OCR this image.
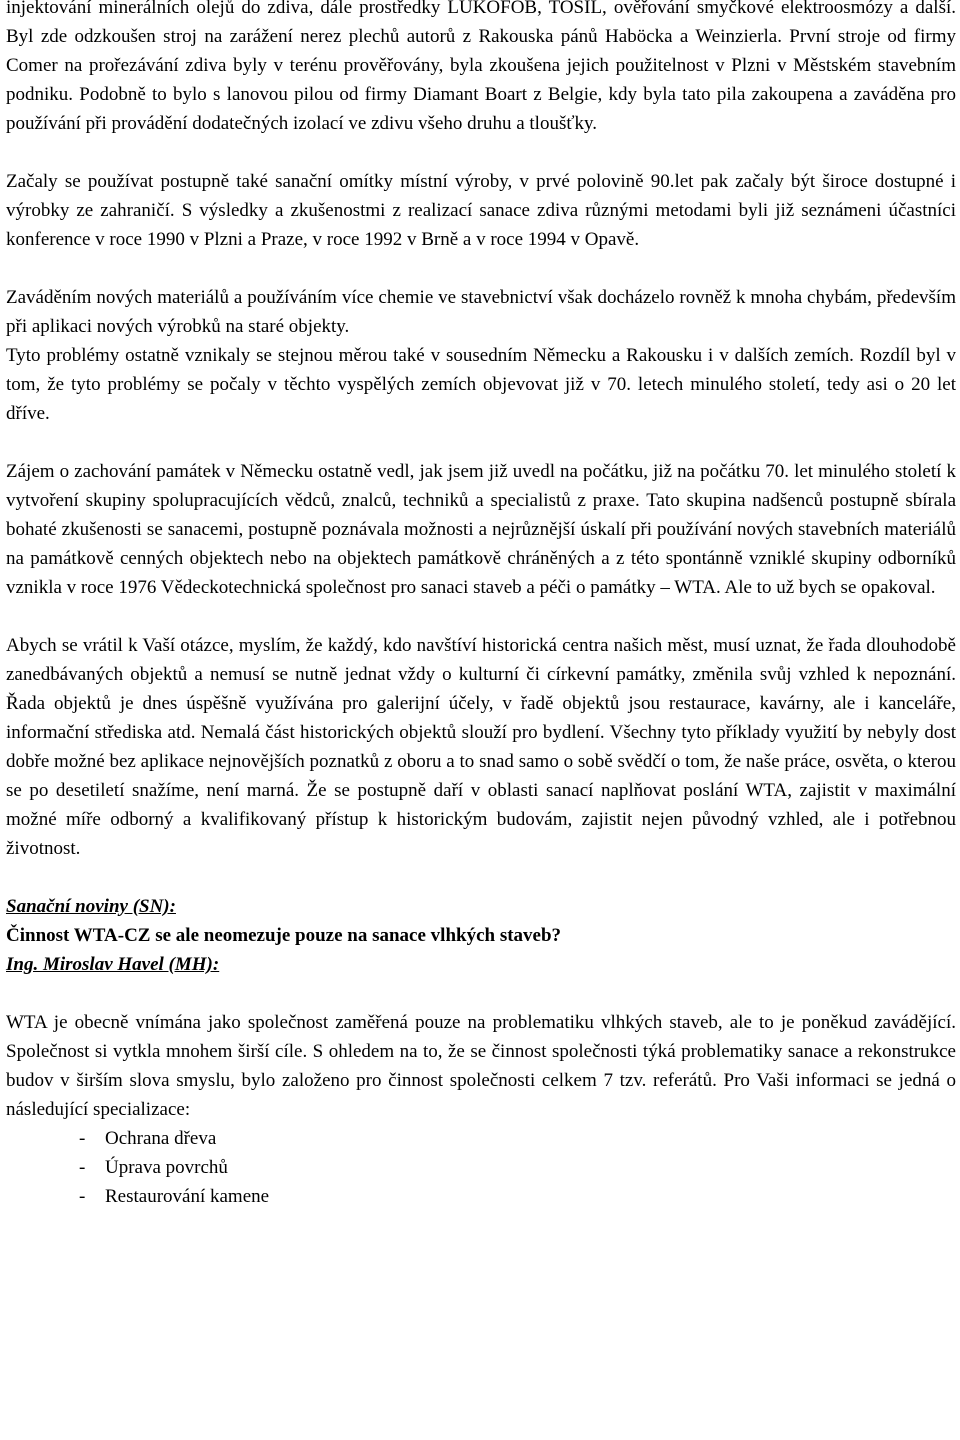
injektování minerálních olejů do zdiva, dále prostředky LUKOFOB, TOSIL, ověřování smyčkové elektroosmózy a další. Byl zde odzkoušen stroj na zarážení nerez plechů autorů z Rakouska pánů Haböcka a Weinzierla. První stroje od firmy Comer na prořezávání zdiva byly v terénu prověřovány, byla zkoušena jejich použitelnost v Plzni v Městském stavebním podniku. Podobně to bylo s lanovou pilou od firmy Diamant Boart z Belgie, kdy byla tato pila zakoupena a zaváděna pro používání při provádění dodatečných izolací ve zdivu všeho druhu a tloušťky.

Začaly se používat postupně také sanační omítky místní výroby, v prvé polovině 90.let pak začaly být široce dostupné i výrobky ze zahraničí. S výsledky a zkušenostmi z realizací sanace zdiva různými metodami byli již seznámeni účastníci konference v roce 1990 v Plzni a Praze, v roce 1992 v Brně a v roce 1994 v Opavě.

Zaváděním nových materiálů a používáním více chemie ve stavebnictví však docházelo rovněž k mnoha chybám, především při aplikaci nových výrobků na staré objekty.

Tyto problémy ostatně vznikaly se stejnou měrou také v sousedním Německu a Rakousku i v dalších zemích. Rozdíl byl v tom, že tyto problémy se počaly v těchto vyspělých zemích objevovat již v 70. letech minulého století, tedy asi o 20 let dříve.

Zájem o zachování památek v Německu ostatně vedl, jak jsem již uvedl na počátku, již na počátku 70. let minulého století k vytvoření skupiny spolupracujících vědců, znalců, techniků a specialistů z praxe. Tato skupina nadšenců postupně sbírala bohaté zkušenosti se sanacemi, postupně poznávala možnosti a nejrůznější úskalí při používání nových stavebních materiálů na památkově cenných objektech nebo na objektech památkově chráněných a z této spontánně vzniklé skupiny odborníků vznikla v roce 1976 Vědeckotechnická společnost pro sanaci staveb a péči o památky – WTA. Ale to už bych se opakoval.

Abych se vrátil k Vaší otázce, myslím, že každý, kdo navštíví historická centra našich měst, musí uznat, že řada dlouhodobě zanedbávaných objektů a nemusí se nutně jednat vždy o kulturní či církevní památky, změnila svůj vzhled k nepoznání. Řada objektů je dnes úspěšně využívána pro galerijní účely, v řadě objektů jsou restaurace, kavárny, ale i kanceláře, informační střediska atd. Nemalá část historických objektů slouží pro bydlení. Všechny tyto příklady využití by nebyly dost dobře možné bez aplikace nejnovějších poznatků z oboru a to snad samo o sobě svědčí o tom, že naše práce, osvěta, o kterou se po desetiletí snažíme, není marná. Že se postupně daří v oblasti sanací naplňovat poslání WTA, zajistit v maximální možné míře odborný a kvalifikovaný přístup k historickým budovám, zajistit nejen původný vzhled, ale i potřebnou životnost.

Sanační noviny (SN):

Činnost WTA-CZ se ale neomezuje pouze na sanace vlhkých staveb?

Ing. Miroslav Havel (MH):

WTA je obecně vnímána jako společnost zaměřená pouze na problematiku vlhkých staveb, ale to je poněkud zavádějící. Společnost si vytkla mnohem širší cíle. S ohledem na to, že se činnost společnosti týká problematiky sanace a rekonstrukce budov v širším slova smyslu, bylo založeno pro činnost společnosti celkem 7 tzv. referátů. Pro Vaši informaci se jedná o následující specializace:

- Ochrana dřeva
- Úprava povrchů
- Restaurování kamene
